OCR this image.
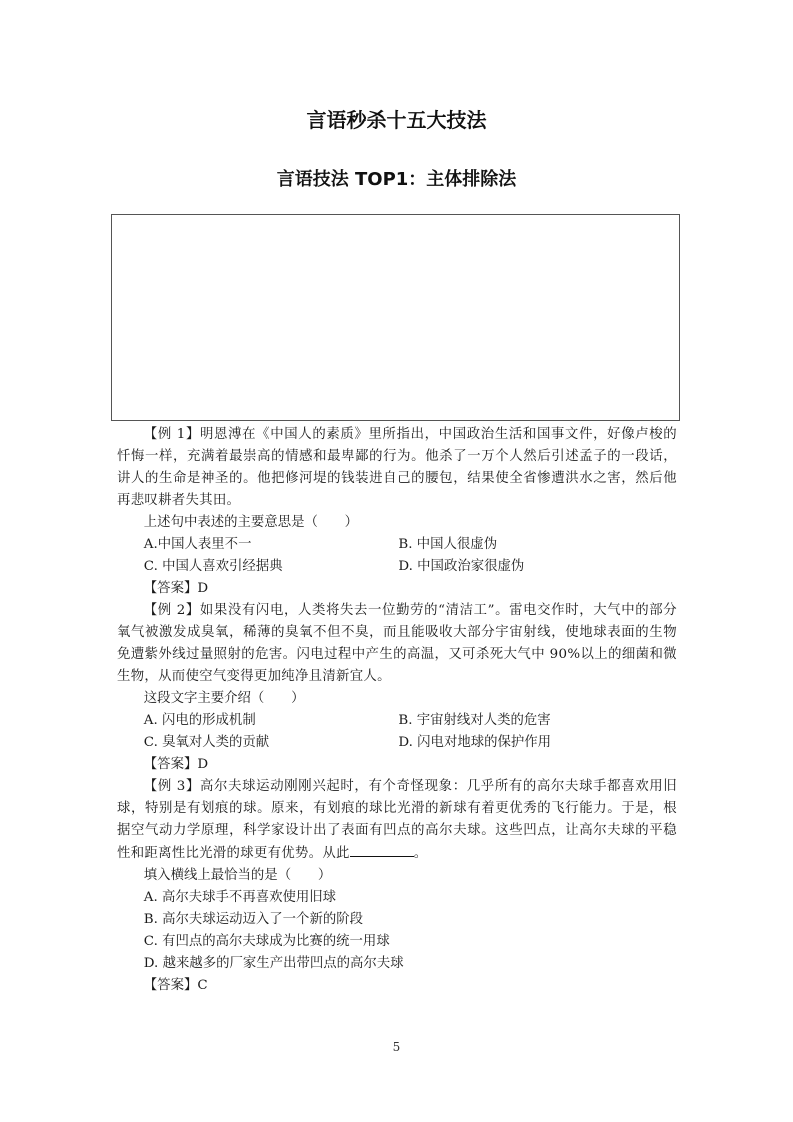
言语秒杀十五大技法
言语技法 TOP1：主体排除法

【例 1】明恩溥在《中国人的素质》里所指出，中国政治生活和国事文件，好像卢梭的忏悔一样，充满着最崇高的情感和最卑鄙的行为。他杀了一万个人然后引述孟子的一段话，讲人的生命是神圣的。他把修河堤的钱装进自己的腰包，结果使全省惨遭洪水之害，然后他再悲叹耕者失其田。

上述句中表述的主要意思是（　　）

A.中国人表里不一	B. 中国人很虚伪
C. 中国人喜欢引经据典	D. 中国政治家很虚伪

【答案】D

【例 2】如果没有闪电，人类将失去一位勤劳的“清洁工”。雷电交作时，大气中的部分氧气被激发成臭氧，稀薄的臭氧不但不臭，而且能吸收大部分宇宙射线，使地球表面的生物免遭紫外线过量照射的危害。闪电过程中产生的高温，又可杀死大气中 90%以上的细菌和微生物，从而使空气变得更加纯净且清新宜人。

这段文字主要介绍（　　）

A. 闪电的形成机制	B. 宇宙射线对人类的危害
C. 臭氧对人类的贡献	D. 闪电对地球的保护作用

【答案】D

【例 3】高尔夫球运动刚刚兴起时，有个奇怪现象：几乎所有的高尔夫球手都喜欢用旧球，特别是有划痕的球。原来，有划痕的球比光滑的新球有着更优秀的飞行能力。于是，根据空气动力学原理，科学家设计出了表面有凹点的高尔夫球。这些凹点，让高尔夫球的平稳性和距离性比光滑的球更有优势。从此	。

填入横线上最恰当的是（　　）

A. 高尔夫球手不再喜欢使用旧球
B. 高尔夫球运动迈入了一个新的阶段
C. 有凹点的高尔夫球成为比赛的统一用球
D. 越来越多的厂家生产出带凹点的高尔夫球

【答案】C

5
